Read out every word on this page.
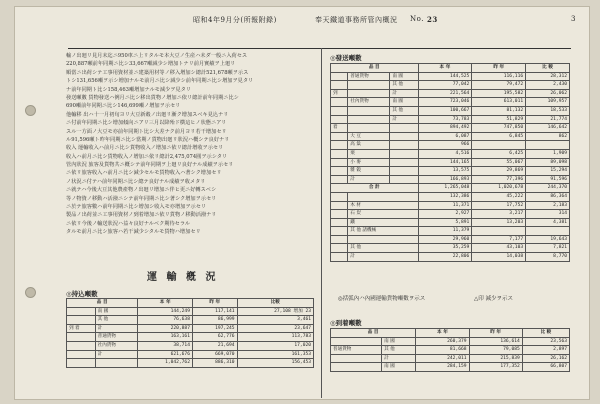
昭和4年9月分(所報附錄)	奉天鐵道事務所管內概況 No. 23	3
輸ノ出廻リ見月末迄ニ950車ニ上リタルモ本大豆ノ生産ハ未ダ一般ニ入荷セス
220,887噸前年同期ニ比シ33,667噸減少シ増加トナリ前月實績ヲ上廻リ
順當ニ出荷シテ工事用資材並ニ建築用材等ノ移入増加シ總計521,678噸ヲ示ス
トシ131,656噸ヲ示シ増加ナルモ前月ニ比シ減少シ前年同期ニ比シ増加ヲ見タリ
ナ前年同期ト比シ158,463噸増加ナルモ減少ヲ見タリ
發送噸數 貨物發送ハ例月ニ比シ移出貨物ノ增加ニ依リ總計前年同期ニ比シ
690噸前年同期ニ比シ146,699噸ノ增加ヲ示セリ
他輸移 出ハ十一月初旬ヨリ大豆新穀ノ出廻リ漸ク增加スベキ見込ナリ
ニ付前年同期ニ比シ增加傾向ニアリ三月以降殆ド横這ヒノ状態ニアリ
スル一方面ノ大豆モ亦前年同期ト比シ大差ナク前月ヨリ若干增加セリ
ル91,596噸ト昨年同期ニ比シ當期ノ貨物出廻リ狀況ハ概シテ良好ナリ
收入 運輸收入ハ前月ニ比シ貨物收入ノ增加ニ依リ總計增收ヲ示セリ
收入ハ前月ニ比シ貨物收入ノ增加ニ依リ總計2,475,074圓ヲ示シタリ
管內狀況 旅客及貨物共ニ概シテ前年同期ヲ上廻リ良好ナル成績ヲ示セリ
ニ依リ旅客收入ハ前月ニ比シ減少セルモ貨物收入ハ著シク增加セリ
ノ状況ニ付テハ前年同期ニ比シ總テ良好ナル成績ヲ收メタリ
ニ就テハ今後大豆其他農產物ノ出廻リ增加ニ伴ヒ更ニ好轉スベシ
等ノ物資ノ移動ハ活潑ニシテ前年同期ニ比シ著シク增加ヲ示セリ
ニ於テ旅客數ハ前年同期ニ比シ增加シ收入モ亦增加ヲ示セリ
製品ノ出荷並ニ工事用資材ノ到着增加ニ依リ貨物ノ移動活潑ナリ
ニ依リ今後ノ輸送狀況ハ益々良好ナルベク期待セラル
タルモ前月ニ比シ旅客ハ若干減少シタルモ貨物ハ增加セリ
運 輸 槪 況
◎持込噸數
品 目		本 年	昨 年	比較
	南 國	144,249	117,141	27,108 增加 23
	其 他	76,638	86,999	3,461
到 着	計	220,887	197,245	23,647
	普通貨物	163,161	62,776	113,783
	社內貨物	38,714	21,694	17,020
	計	621,676	669,070	161,353
		1,042,762	886,310	156,453
◎發送噸數
品 目			本 年	昨 年	比 較
	普通貨物	南 國	144,525	116,116	28,312
		其 他	77,042	79,472	2,430
到		計	221,564	195,582	26,062
	社內貨物	南 國	723,046	613,011	109,957
		其 他	100,667	81,132	18,533
		計	73,783	51,829	21,774
着			894,492	747,850	146,642
	大 豆		6,087	6,845	862
	高 粱		966		
	栗		4,516	6,425	1,909
	小 麥		144,165	55,067	89,098
	雜 穀		13,575	29,869	15,294
	計		166,893	77,396	91,596
合 計			1,265,048	1,020,678	244,370
			132,386	45,222	86,364
	木 材		11,371	17,752	2,183
	石 炭		2,927	3,217	314
	鐵		5,891	13,203	4,381
	其 他 諸機械		11,379		
			29,960	7,177	19,643
	其 他		35,259	43,103	7,821
	計		22,806	14,038	8,770
◎括弧內ハ內國運輸貨物噸數ヲ示ス	△印 減少ヲ示ス
◎到着噸數
品 目		本 年	昨 年	比 較
	南 國	260,379	136,614	23,563
普通貨物	其 他	81,668	79,085	2,897
	計	242,011	215,839	26,162
	南 國	284,159	177,352	66,807
